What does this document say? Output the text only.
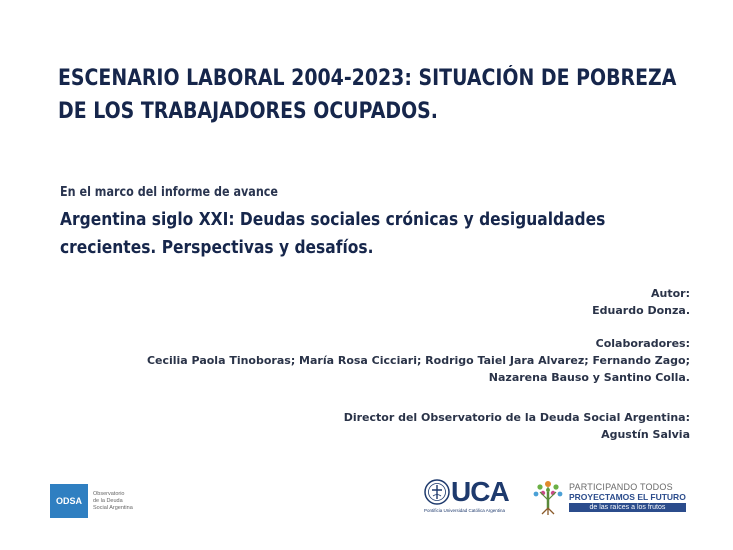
ESCENARIO LABORAL 2004-2023: SITUACIÓN DE POBREZA
DE LOS TRABAJADORES OCUPADOS.
En el marco del informe de avance
Argentina siglo XXI: Deudas sociales crónicas y desigualdades
crecientes. Perspectivas y desafíos.
Autor:
Eduardo Donza.
Colaboradores:
Cecilia Paola Tinoboras; María Rosa Cicciari; Rodrigo Taiel Jara Alvarez; Fernando Zago;
Nazarena Bauso y Santino Colla.
Director del Observatorio de la Deuda Social Argentina:
Agustín Salvia
ODSA
Observatorio
de la Deuda
Social Argentina
UCA
Pontificia Universidad Católica Argentina
PARTICIPANDO TODOS
PROYECTAMOS EL FUTURO
de las raíces a los frutos
